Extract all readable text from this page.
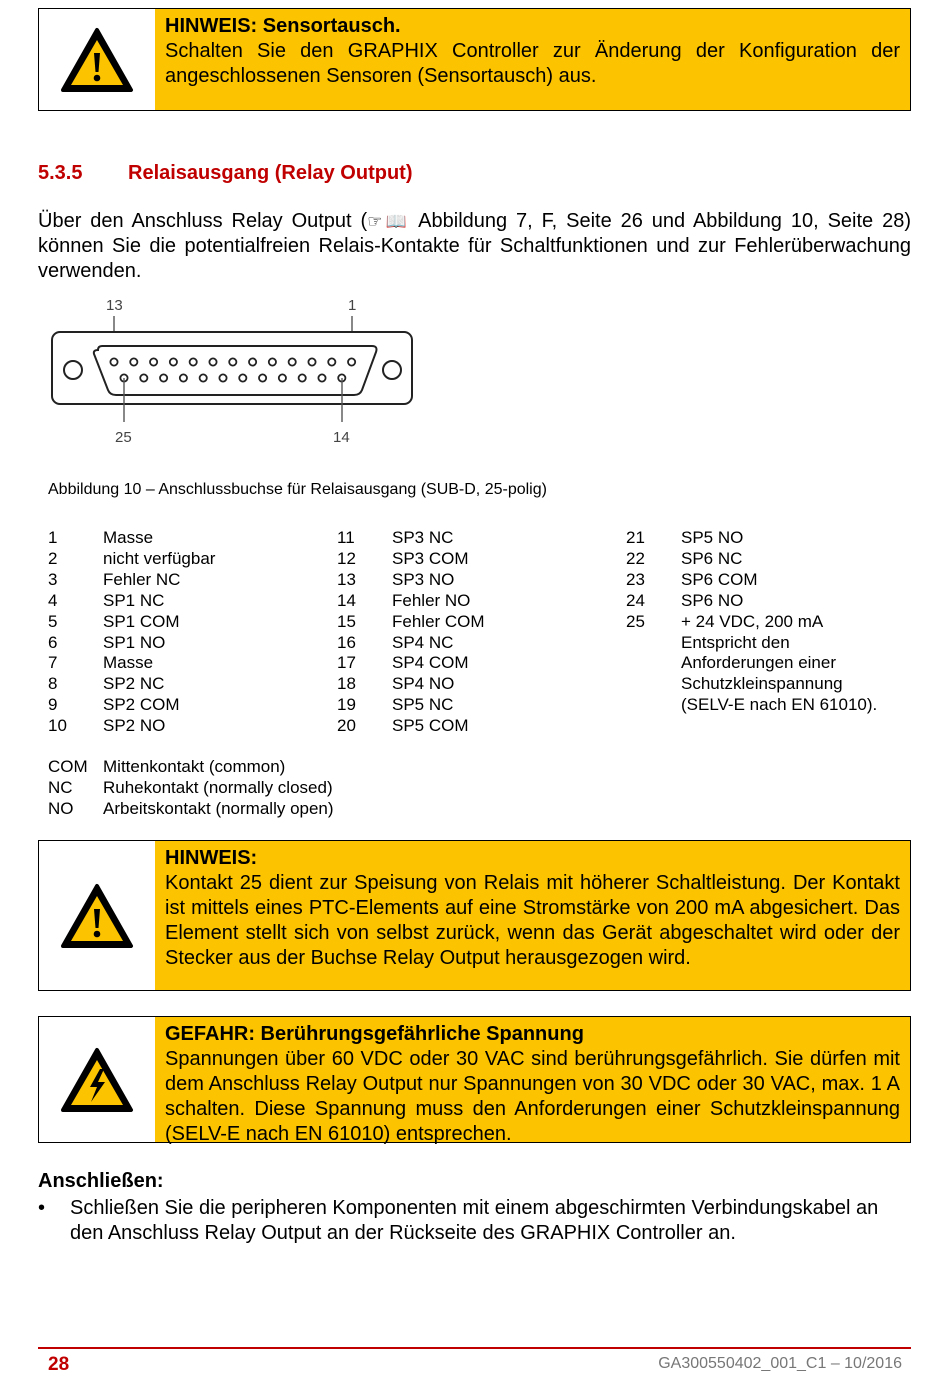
HINWEIS: Sensortausch.
Schalten Sie den GRAPHIX Controller zur Änderung der Konfiguration der angeschlossenen Sensoren (Sensortausch) aus.
5.3.5 Relaisausgang (Relay Output)
Über den Anschluss Relay Output (☞📖 Abbildung 7, F, Seite 26 und Abbildung 10, Seite 28) können Sie die potentialfreien Relais-Kontakte für Schaltfunktionen und zur Fehlerüberwachung verwenden.
13	1
25	14
Abbildung 10 – Anschlussbuchse für Relaisausgang (SUB-D, 25-polig)
1	Masse
2	nicht verfügbar
3	Fehler NC
4	SP1 NC
5	SP1 COM
6	SP1 NO
7	Masse
8	SP2 NC
9	SP2 COM
10	SP2 NO
11	SP3 NC
12	SP3 COM
13	SP3 NO
14	Fehler NO
15	Fehler COM
16	SP4 NC
17	SP4 COM
18	SP4 NO
19	SP5 NC
20	SP5 COM
21	SP5 NO
22	SP6 NC
23	SP6 COM
24	SP6 NO
25	+ 24 VDC, 200 mA
Entspricht den
Anforderungen einer
Schutzkleinspannung
(SELV-E nach EN 61010).
COM Mittenkontakt (common)
NC	Ruhekontakt (normally closed)
NO	Arbeitskontakt (normally open)
HINWEIS:
Kontakt 25 dient zur Speisung von Relais mit höherer Schaltleistung. Der Kontakt ist mittels eines PTC-Elements auf eine Stromstärke von 200 mA abgesichert. Das Element stellt sich von selbst zurück, wenn das Gerät abgeschaltet wird oder der Stecker aus der Buchse Relay Output herausgezogen wird.
GEFAHR: Berührungsgefährliche Spannung
Spannungen über 60 VDC oder 30 VAC sind berührungsgefährlich. Sie dürfen mit dem Anschluss Relay Output nur Spannungen von 30 VDC oder 30 VAC, max. 1 A schalten. Diese Spannung muss den Anforderungen einer Schutzkleinspannung (SELV-E nach EN 61010) entsprechen.
Anschließen:
•	Schließen Sie die peripheren Komponenten mit einem abgeschirmten Verbindungskabel an den Anschluss Relay Output an der Rückseite des GRAPHIX Controller an.
28	GA300550402_001_C1 – 10/2016
